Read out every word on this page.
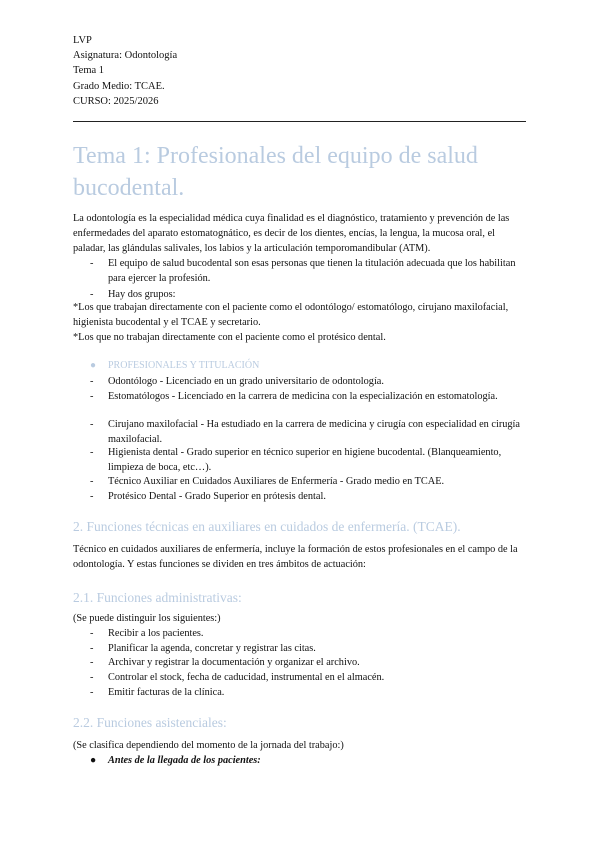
LVP
Asignatura: Odontología
Tema 1
Grado Medio: TCAE.
CURSO: 2025/2026
Tema 1: Profesionales del equipo de salud bucodental.
La odontología es la especialidad médica cuya finalidad es el diagnóstico, tratamiento y prevención de las enfermedades del aparato estomatognático, es decir de los dientes, encías, la lengua, la mucosa oral, el paladar, las glándulas salivales, los labios y la articulación temporomandibular (ATM).
- El equipo de salud bucodental son esas personas que tienen la titulación adecuada que los habilitan para ejercer la profesión.
- Hay dos grupos:
*Los que trabajan directamente con el paciente como el odontólogo/ estomatólogo, cirujano maxilofacial, higienista bucodental y el TCAE y secretario.
*Los que no trabajan directamente con el paciente como el protésico dental.
● PROFESIONALES Y TITULACIÓN
- Odontólogo - Licenciado en un grado universitario de odontología.
- Estomatólogos - Licenciado en la carrera de medicina con la especialización en estomatología.
- Cirujano maxilofacial - Ha estudiado en la carrera de medicina y cirugía con especialidad en cirugía maxilofacial.
- Higienista dental - Grado superior en técnico superior en higiene bucodental. (Blanqueamiento, limpieza de boca, etc…).
- Técnico Auxiliar en Cuidados Auxiliares de Enfermería - Grado medio en TCAE.
- Protésico Dental - Grado Superior en prótesis dental.
2. Funciones técnicas en auxiliares en cuidados de enfermería. (TCAE).
Técnico en cuidados auxiliares de enfermería, incluye la formación de estos profesionales en el campo de la odontología. Y estas funciones se dividen en tres ámbitos de actuación:
2.1. Funciones administrativas:
(Se puede distinguir los siguientes:)
- Recibir a los pacientes.
- Planificar la agenda, concretar y registrar las citas.
- Archivar y registrar la documentación y organizar el archivo.
- Controlar el stock, fecha de caducidad, instrumental en el almacén.
- Emitir facturas de la clínica.
2.2. Funciones asistenciales:
(Se clasifica dependiendo del momento de la jornada del trabajo:)
● Antes de la llegada de los pacientes:
